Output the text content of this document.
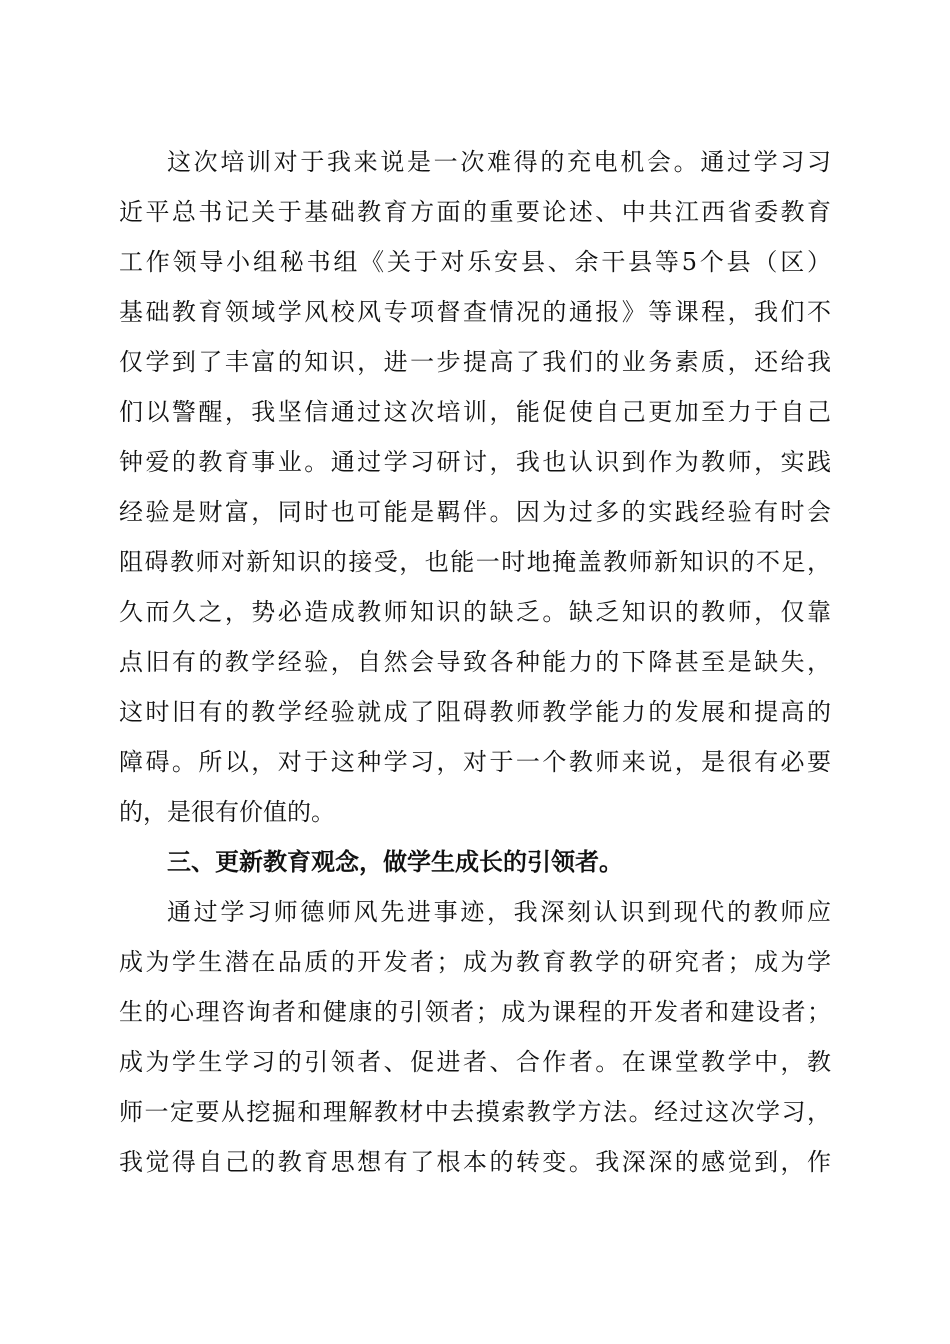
这次培训对于我来说是一次难得的充电机会。通过学习习
近平总书记关于基础教育方面的重要论述、中共江西省委教育
工作领导小组秘书组《关于对乐安县、余干县等5个县（区）
基础教育领域学风校风专项督查情况的通报》等课程，我们不
仅学到了丰富的知识，进一步提高了我们的业务素质，还给我
们以警醒，我坚信通过这次培训，能促使自己更加至力于自己
钟爱的教育事业。通过学习研讨，我也认识到作为教师，实践
经验是财富，同时也可能是羁伴。因为过多的实践经验有时会
阻碍教师对新知识的接受，也能一时地掩盖教师新知识的不足，
久而久之，势必造成教师知识的缺乏。缺乏知识的教师，仅靠
点旧有的教学经验，自然会导致各种能力的下降甚至是缺失，
这时旧有的教学经验就成了阻碍教师教学能力的发展和提高的
障碍。所以，对于这种学习，对于一个教师来说，是很有必要
的，是很有价值的。
三、更新教育观念，做学生成长的引领者。
通过学习师德师风先进事迹，我深刻认识到现代的教师应
成为学生潜在品质的开发者；成为教育教学的研究者；成为学
生的心理咨询者和健康的引领者；成为课程的开发者和建设者；
成为学生学习的引领者、促进者、合作者。在课堂教学中，教
师一定要从挖掘和理解教材中去摸索教学方法。经过这次学习，
我觉得自己的教育思想有了根本的转变。我深深的感觉到，作
